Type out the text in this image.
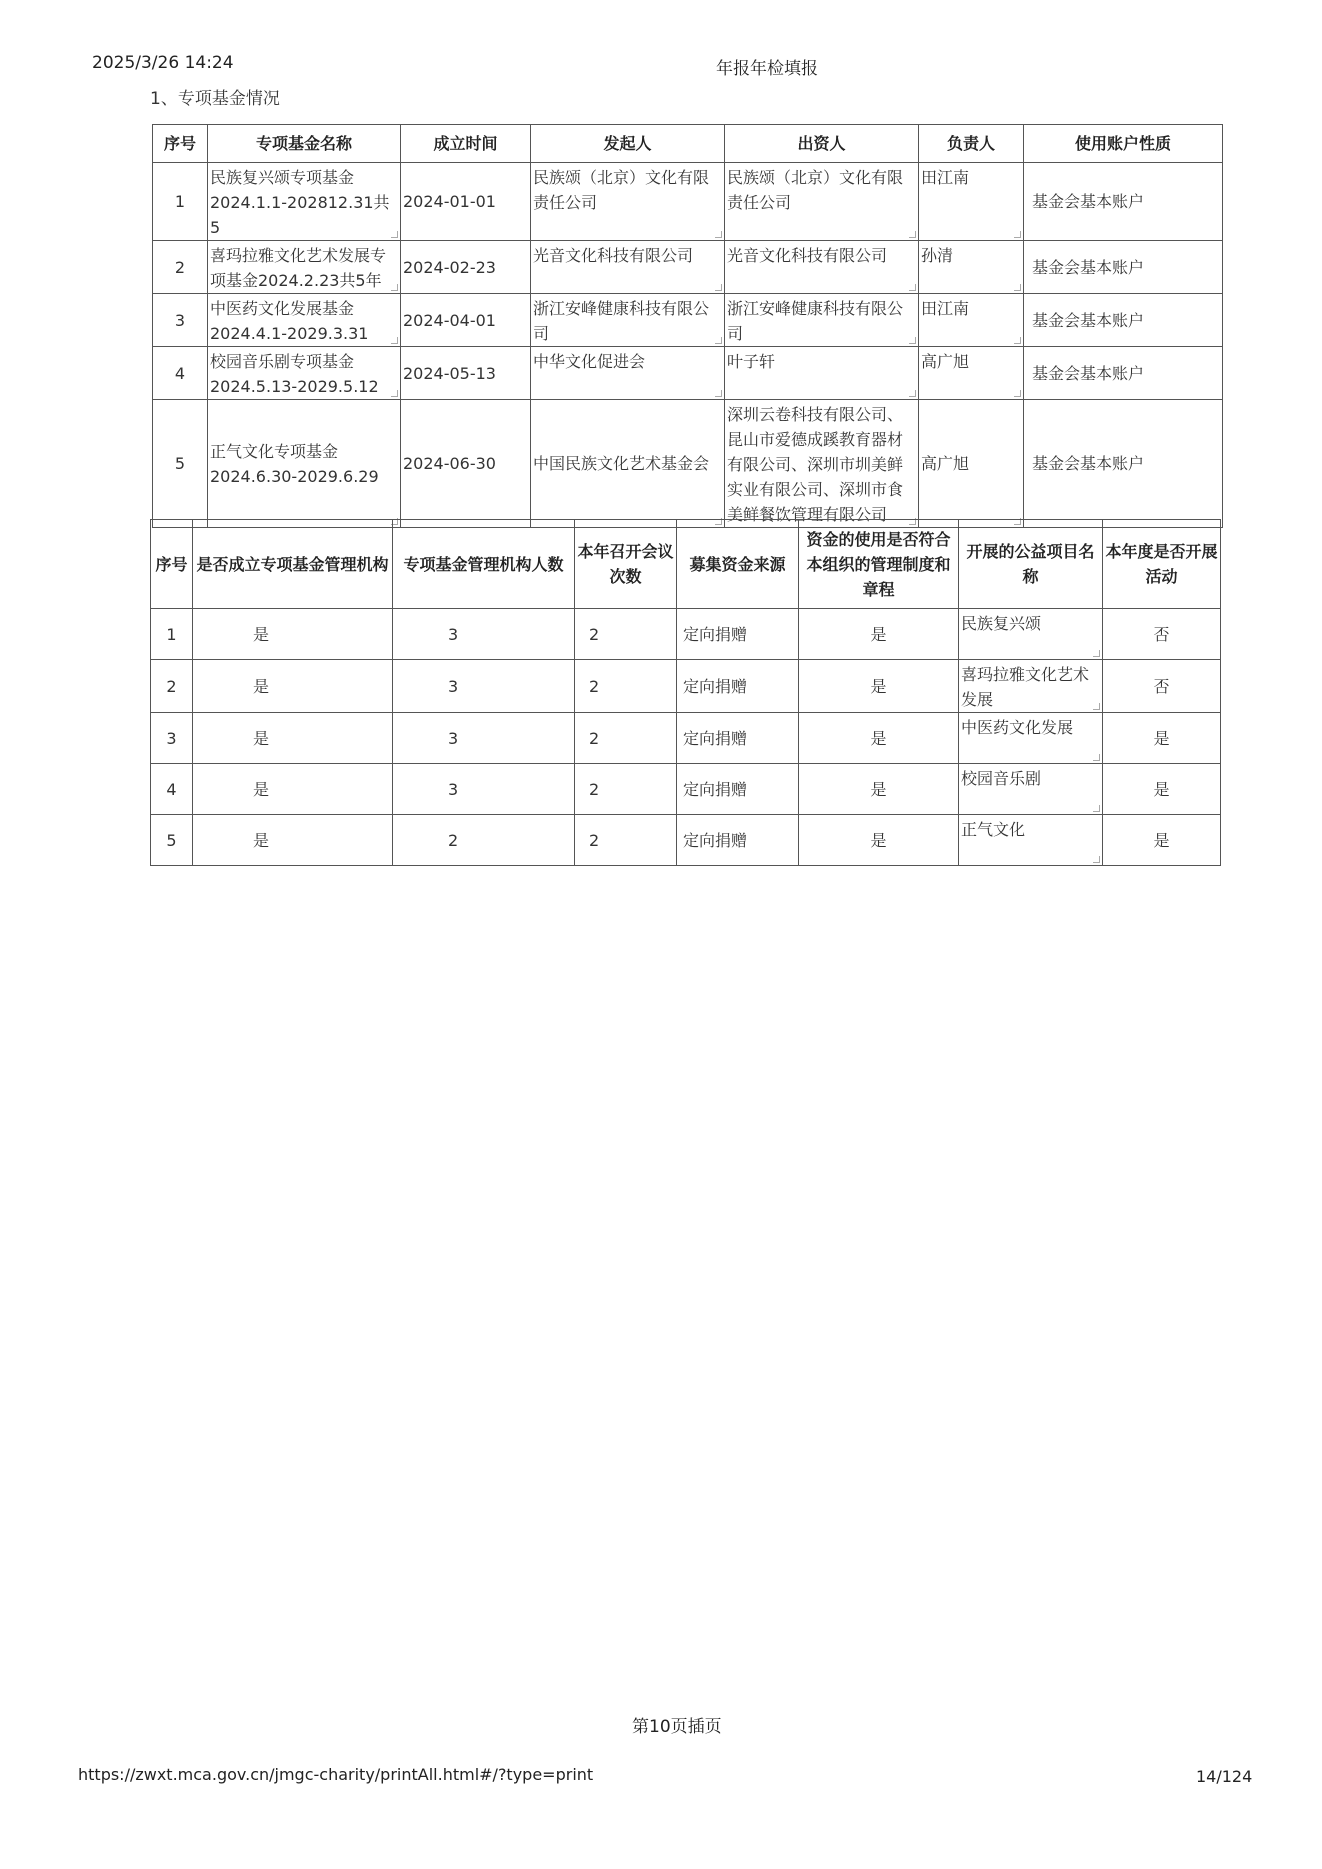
2025/3/26 14:24	年报年检填报
1、专项基金情况
序号	专项基金名称	成立时间	发起人	出资人	负责人	使用账户性质
1	民族复兴颂专项基金2024.1.1-202812.31共5	2024-01-01	民族颂（北京）文化有限责任公司	民族颂（北京）文化有限责任公司	田江南	基金会基本账户
2	喜玛拉雅文化艺术发展专项基金2024.2.23共5年	2024-02-23	光音文化科技有限公司	光音文化科技有限公司	孙清	基金会基本账户
3	中医药文化发展基金2024.4.1-2029.3.31	2024-04-01	浙江安峰健康科技有限公司	浙江安峰健康科技有限公司	田江南	基金会基本账户
4	校园音乐剧专项基金2024.5.13-2029.5.12	2024-05-13	中华文化促进会	叶子轩	高广旭	基金会基本账户
5	正气文化专项基金2024.6.30-2029.6.29	2024-06-30	中国民族文化艺术基金会	深圳云卷科技有限公司、昆山市爱德成蹊教育器材有限公司、深圳市圳美鲜实业有限公司、深圳市食美鲜餐饮管理有限公司	高广旭	基金会基本账户
序号	是否成立专项基金管理机构	专项基金管理机构人数	本年召开会议次数	募集资金来源	资金的使用是否符合本组织的管理制度和章程	开展的公益项目名称	本年度是否开展活动
1	是	3	2	定向捐赠	是	民族复兴颂	否
2	是	3	2	定向捐赠	是	喜玛拉雅文化艺术发展	否
3	是	3	2	定向捐赠	是	中医药文化发展	是
4	是	3	2	定向捐赠	是	校园音乐剧	是
5	是	2	2	定向捐赠	是	正气文化	是
第10页插页
https://zwxt.mca.gov.cn/jmgc-charity/printAll.html#/?type=print	14/124
